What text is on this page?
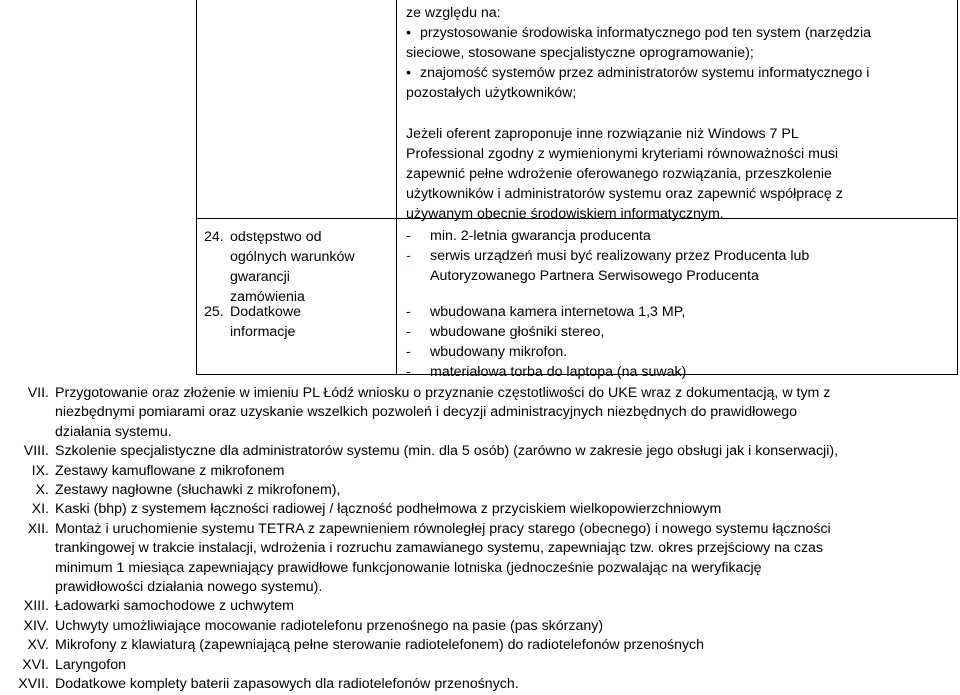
ze względu na:
• przystosowanie środowiska informatycznego pod ten system (narzędzia
sieciowe, stosowane specjalistyczne oprogramowanie);
• znajomość systemów przez administratorów systemu informatycznego i
pozostałych użytkowników;
Jeżeli oferent zaproponuje inne rozwiązanie niż Windows 7 PL
Professional zgodny z wymienionymi kryteriami równoważności musi
zapewnić pełne wdrożenie oferowanego rozwiązania, przeszkolenie
użytkowników i administratorów systemu oraz zapewnić współpracę z
używanym obecnie środowiskiem informatycznym.
24. odstępstwo od
ogólnych warunków
gwarancji
zamówienia
25. Dodatkowe
informacje
- min. 2-letnia gwarancja producenta
- serwis urządzeń musi być realizowany przez Producenta lub
Autoryzowanego Partnera Serwisowego Producenta
- wbudowana kamera internetowa 1,3 MP,
- wbudowane głośniki stereo,
- wbudowany mikrofon.
- materiałowa torba do laptopa (na suwak)
VII. Przygotowanie oraz złożenie w imieniu PL Łódź wniosku o przyznanie częstotliwości do UKE wraz z dokumentacją, w tym z
niezbędnymi pomiarami oraz uzyskanie wszelkich pozwoleń i decyzji administracyjnych niezbędnych do prawidłowego
działania systemu.
VIII. Szkolenie specjalistyczne dla administratorów systemu (min. dla 5 osób) (zarówno w zakresie jego obsługi jak i konserwacji),
IX. Zestawy kamuflowane z mikrofonem
X. Zestawy nagłowne (słuchawki z mikrofonem),
XI. Kaski (bhp) z systemem łączności radiowej / łączność podhełmowa z przyciskiem wielkopowierzchniowym
XII. Montaż i uruchomienie systemu TETRA z zapewnieniem równoległej pracy starego (obecnego) i nowego systemu łączności
trankingowej w trakcie instalacji, wdrożenia i rozruchu zamawianego systemu, zapewniając tzw. okres przejściowy na czas
minimum 1 miesiąca zapewniający prawidłowe funkcjonowanie lotniska (jednocześnie pozwalając na weryfikację
prawidłowości działania nowego systemu).
XIII. Ładowarki samochodowe z uchwytem
XIV. Uchwyty umożliwiające mocowanie radiotelefonu przenośnego na pasie (pas skórzany)
XV. Mikrofony z klawiaturą (zapewniającą pełne sterowanie radiotelefonem) do radiotelefonów przenośnych
XVI. Laryngofon
XVII. Dodatkowe komplety baterii zapasowych dla radiotelefonów przenośnych.
